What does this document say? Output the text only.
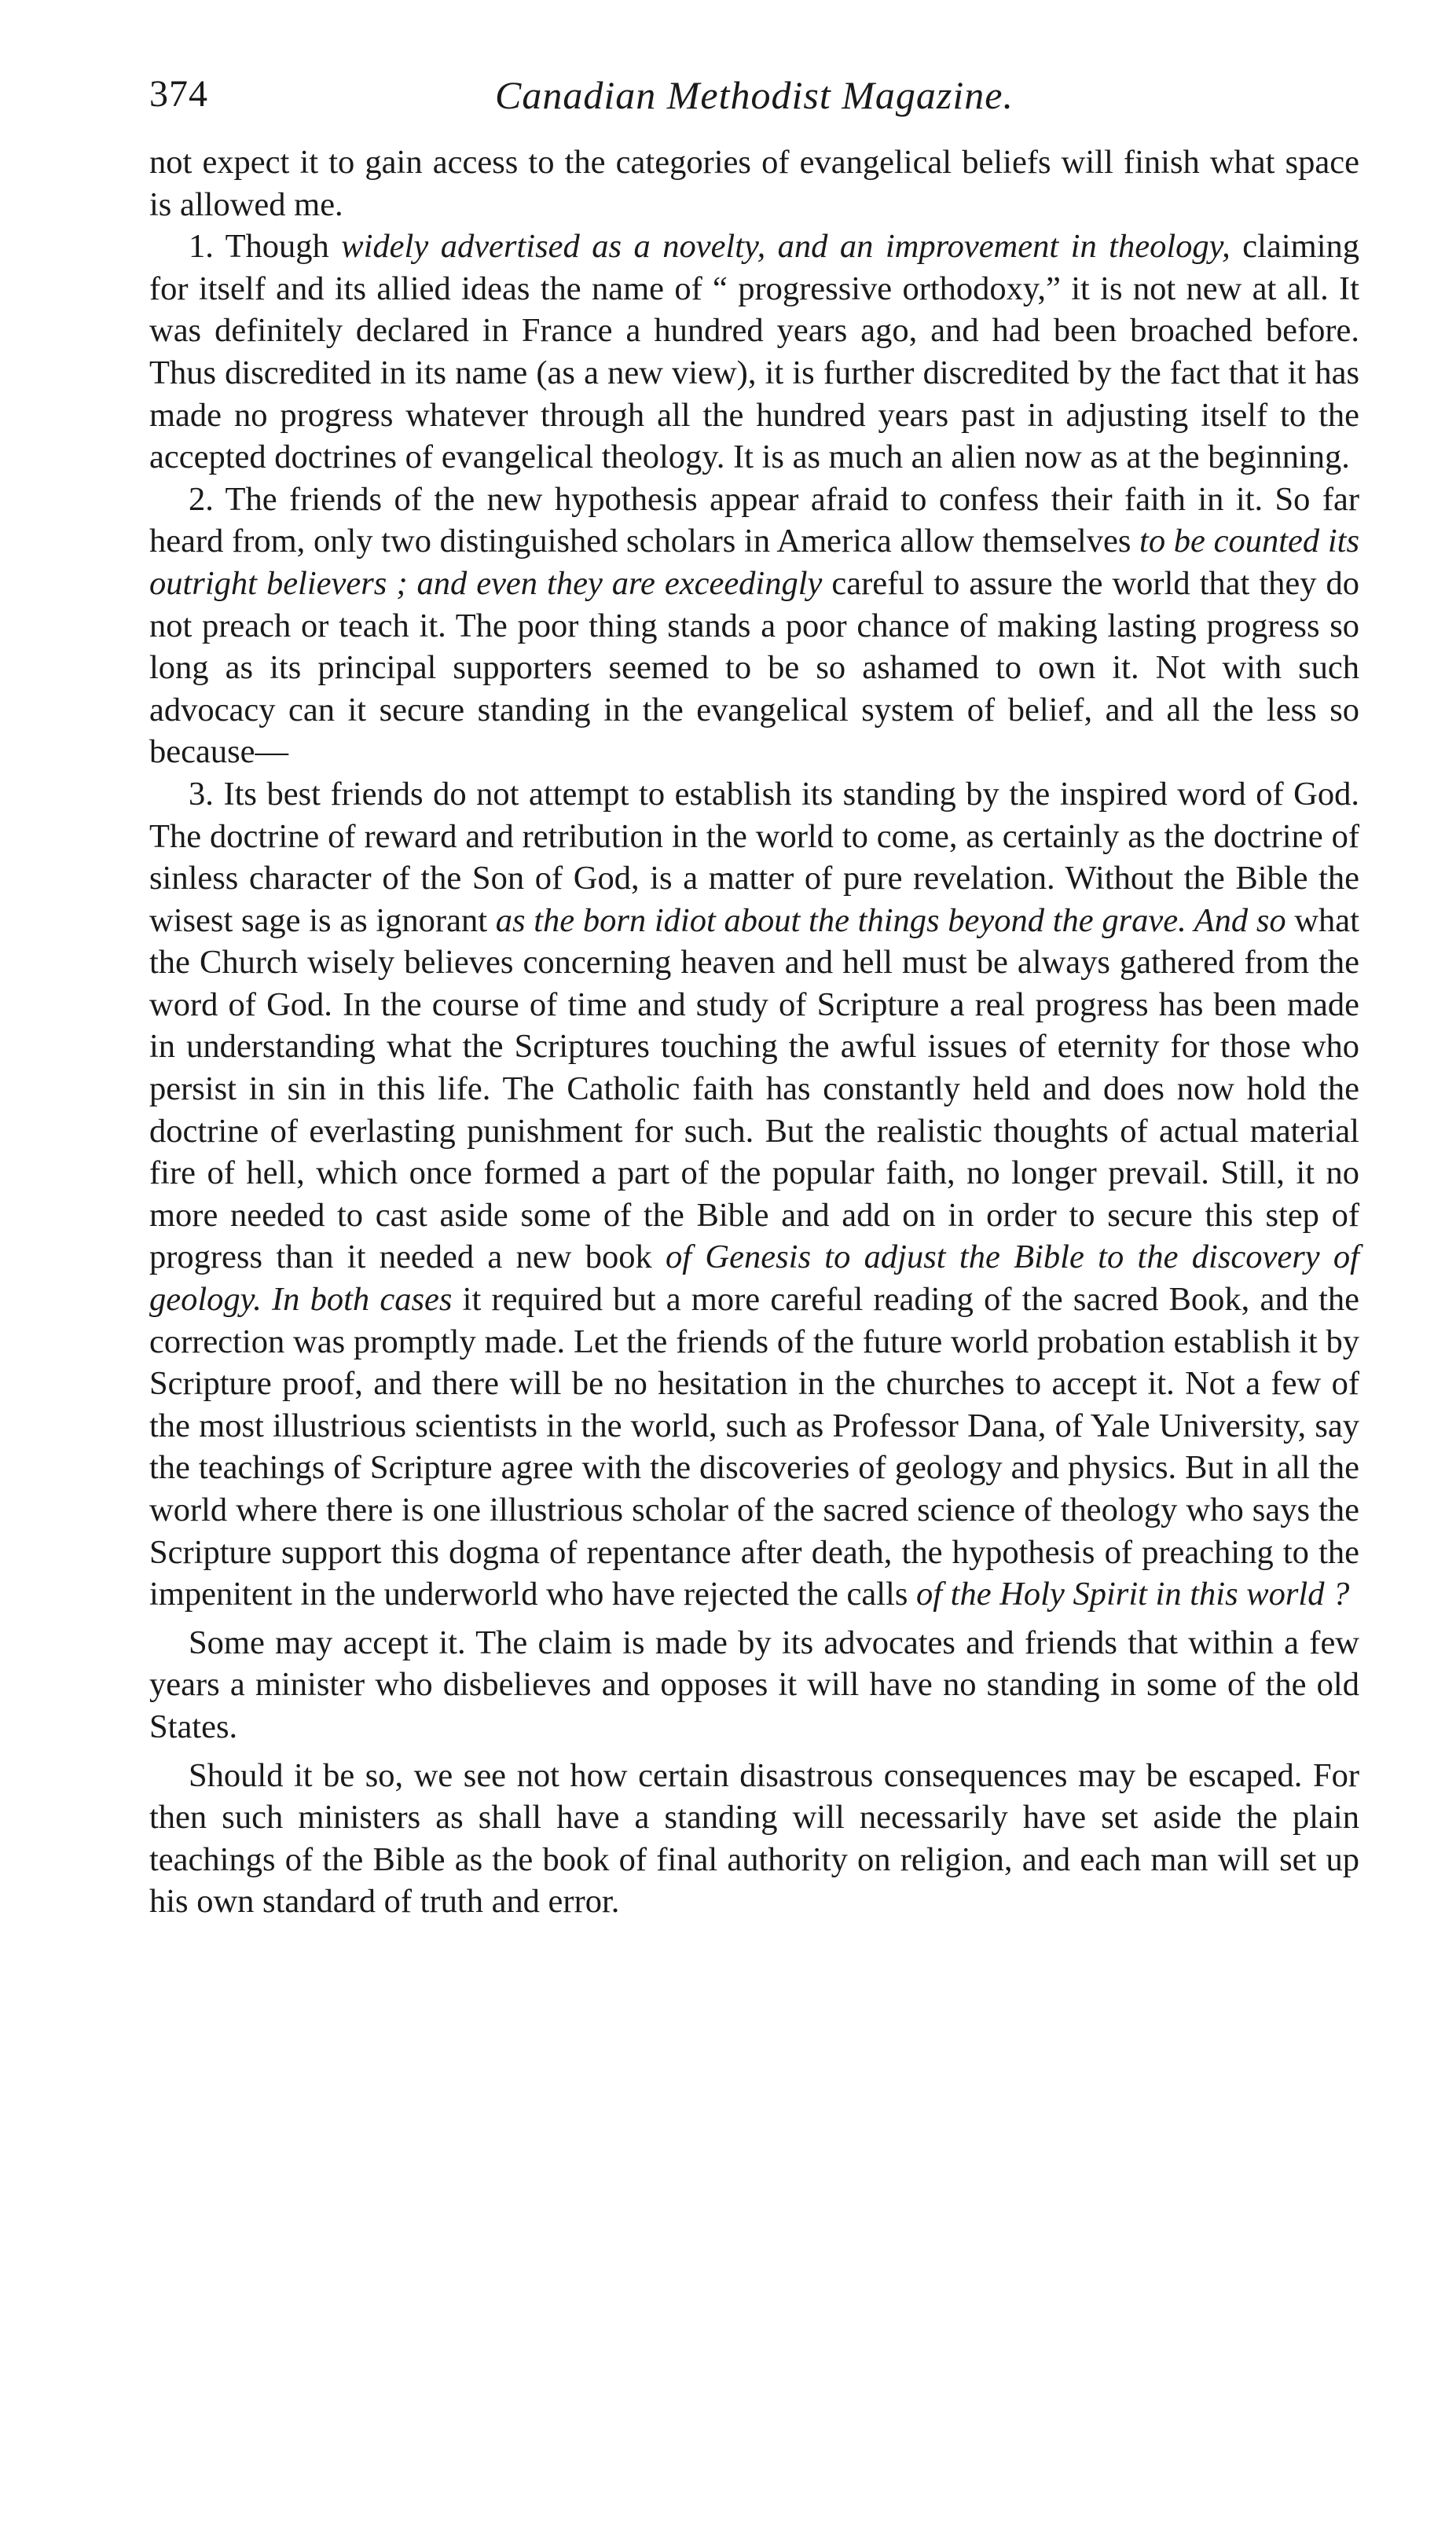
374	Canadian Methodist Magazine.

not expect it to gain access to the categories of evangelical beliefs will finish what space is allowed me.

1. Though widely advertised as a novelty, and an improvement in theology, claiming for itself and its allied ideas the name of “ progressive orthodoxy,” it is not new at all. It was definitely declared in France a hundred years ago, and had been broached before. Thus discredited in its name (as a new view), it is further discredited by the fact that it has made no progress whatever through all the hundred years past in adjusting itself to the accepted doctrines of evangelical theology. It is as much an alien now as at the beginning.

2. The friends of the new hypothesis appear afraid to confess their faith in it. So far heard from, only two distinguished scholars in America allow themselves to be counted its outright believers ; and even they are exceedingly careful to assure the world that they do not preach or teach it. The poor thing stands a poor chance of making lasting progress so long as its principal supporters seemed to be so ashamed to own it. Not with such advocacy can it secure standing in the evangelical system of belief, and all the less so because—

3. Its best friends do not attempt to establish its standing by the inspired word of God. The doctrine of reward and retribution in the world to come, as certainly as the doctrine of sinless character of the Son of God, is a matter of pure revelation. Without the Bible the wisest sage is as ignorant as the born idiot about the things beyond the grave. And so what the Church wisely believes concerning heaven and hell must be always gathered from the word of God. In the course of time and study of Scripture a real progress has been made in understanding what the Scriptures touching the awful issues of eternity for those who persist in sin in this life. The Catholic faith has constantly held and does now hold the doctrine of everlasting punishment for such. But the realistic thoughts of actual material fire of hell, which once formed a part of the popular faith, no longer prevail. Still, it no more needed to cast aside some of the Bible and add on in order to secure this step of progress than it needed a new book of Genesis to adjust the Bible to the discovery of geology. In both cases it required but a more careful reading of the sacred Book, and the correction was promptly made. Let the friends of the future world probation establish it by Scripture proof, and there will be no hesitation in the churches to accept it. Not a few of the most illustrious scientists in the world, such as Professor Dana, of Yale University, say the teachings of Scripture agree with the discoveries of geology and physics. But in all the world where there is one illustrious scholar of the sacred science of theology who says the Scripture support this dogma of repentance after death, the hypothesis of preaching to the impenitent in the underworld who have rejected the calls of the Holy Spirit in this world ?

Some may accept it. The claim is made by its advocates and friends that within a few years a minister who disbelieves and opposes it will have no standing in some of the old States.

Should it be so, we see not how certain disastrous consequences may be escaped. For then such ministers as shall have a standing will necessarily have set aside the plain teachings of the Bible as the book of final authority on religion, and each man will set up his own standard of truth and error.
